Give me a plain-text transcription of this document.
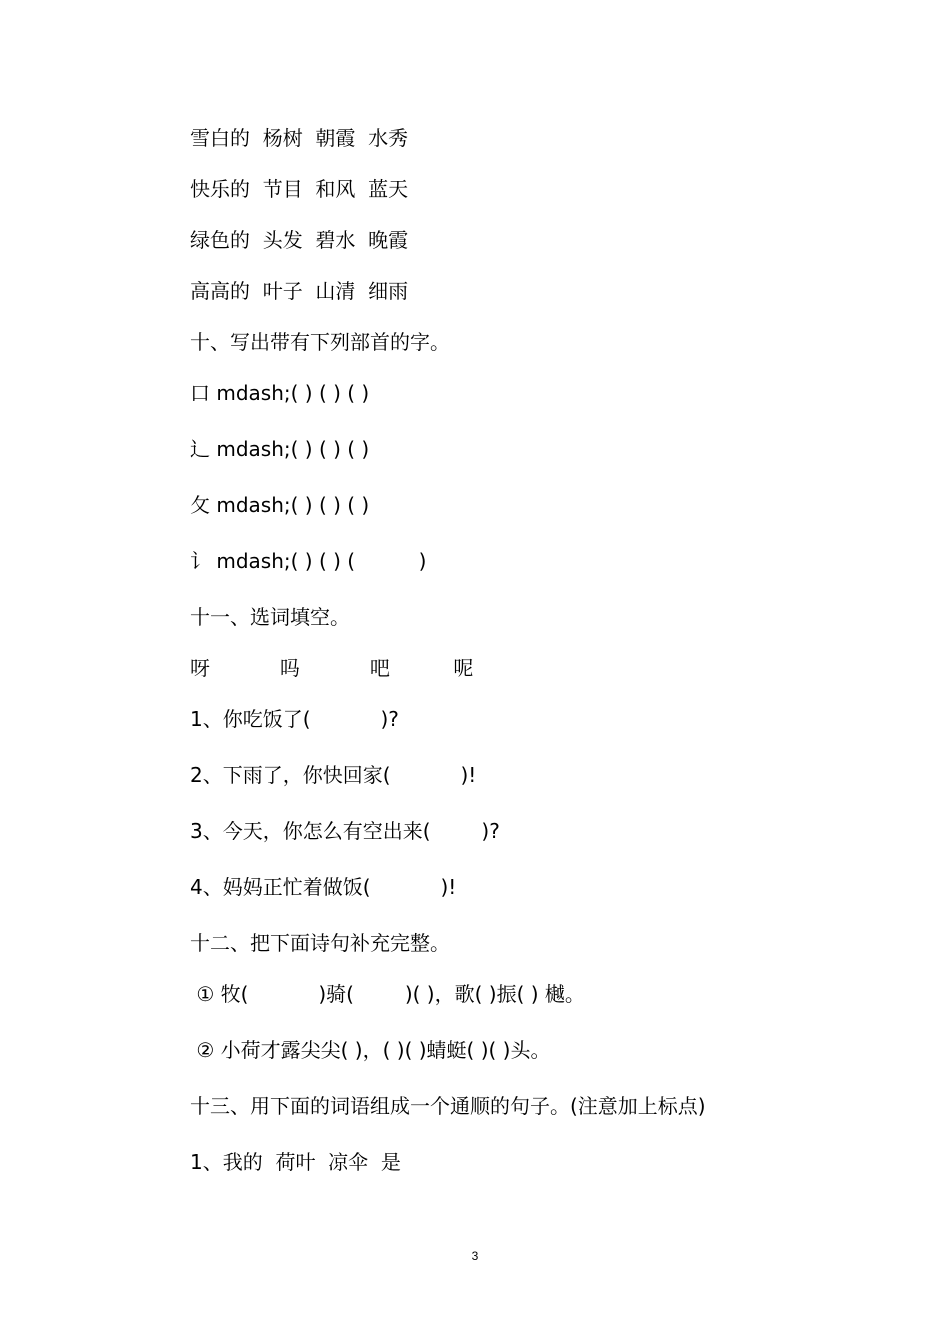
雪白的  杨树  朝霞  水秀
快乐的  节目  和风  蓝天
绿色的  头发  碧水  晚霞
高高的  叶子  山清  细雨
十、写出带有下列部首的字。
口 mdash;( ) ( ) ( )
辶 mdash;( ) ( ) ( )
攵 mdash;( ) ( ) ( )
讠 mdash;( ) ( ) (          )
十一、选词填空。
呀           吗           吧          呢
1、你吃饭了(           )?
2、下雨了，你快回家(           )!
3、今天，你怎么有空出来(        )?
4、妈妈正忙着做饭(           )!
十二、把下面诗句补充完整。
① 牧(           )骑(        )( )，歌( )振( ) 樾。
② 小荷才露尖尖( )，( )( )蜻蜓( )( )头。
十三、用下面的词语组成一个通顺的句子。(注意加上标点)
1、我的  荷叶  凉伞  是
3
